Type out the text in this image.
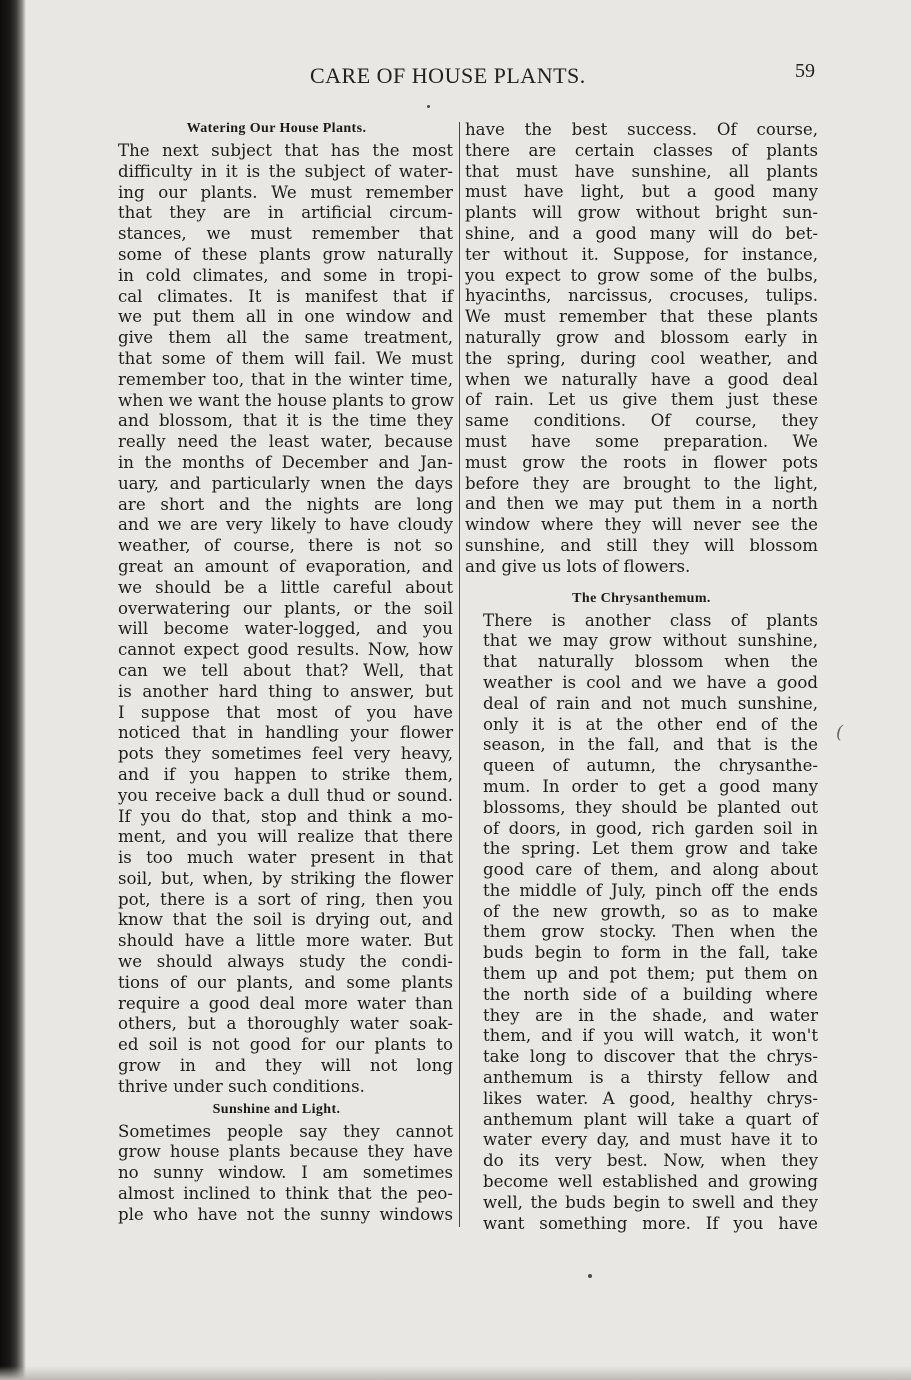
CARE OF HOUSE PLANTS.	59
Watering Our House Plants.
The next subject that has the most
difficulty in it is the subject of water-
ing our plants. We must remember
that they are in artificial circum-
stances, we must remember that
some of these plants grow naturally
in cold climates, and some in tropi-
cal climates. It is manifest that if
we put them all in one window and
give them all the same treatment,
that some of them will fail. We must
remember too, that in the winter time,
when we want the house plants to grow
and blossom, that it is the time they
really need the least water, because
in the months of December and Jan-
uary, and particularly wnen the days
are short and the nights are long
and we are very likely to have cloudy
weather, of course, there is not so
great an amount of evaporation, and
we should be a little careful about
overwatering our plants, or the soil
will become water-logged, and you
cannot expect good results. Now, how
can we tell about that? Well, that
is another hard thing to answer, but
I suppose that most of you have
noticed that in handling your flower
pots they sometimes feel very heavy,
and if you happen to strike them,
you receive back a dull thud or sound.
If you do that, stop and think a mo-
ment, and you will realize that there
is too much water present in that
soil, but, when, by striking the flower
pot, there is a sort of ring, then you
know that the soil is drying out, and
should have a little more water. But
we should always study the condi-
tions of our plants, and some plants
require a good deal more water than
others, but a thoroughly water soak-
ed soil is not good for our plants to
grow in and they will not long
thrive under such conditions.
Sunshine and Light.
Sometimes people say they cannot
grow house plants because they have
no sunny window. I am sometimes
almost inclined to think that the peo-
ple who have not the sunny windows
have the best success. Of course,
there are certain classes of plants
that must have sunshine, all plants
must have light, but a good many
plants will grow without bright sun-
shine, and a good many will do bet-
ter without it. Suppose, for instance,
you expect to grow some of the bulbs,
hyacinths, narcissus, crocuses, tulips.
We must remember that these plants
naturally grow and blossom early in
the spring, during cool weather, and
when we naturally have a good deal
of rain. Let us give them just these
same conditions. Of course, they
must have some preparation. We
must grow the roots in flower pots
before they are brought to the light,
and then we may put them in a north
window where they will never see the
sunshine, and still they will blossom
and give us lots of flowers.
The Chrysanthemum.
There is another class of plants
that we may grow without sunshine,
that naturally blossom when the
weather is cool and we have a good
deal of rain and not much sunshine,
only it is at the other end of the
season, in the fall, and that is the
queen of autumn, the chrysanthe-
mum. In order to get a good many
blossoms, they should be planted out
of doors, in good, rich garden soil in
the spring. Let them grow and take
good care of them, and along about
the middle of July, pinch off the ends
of the new growth, so as to make
them grow stocky. Then when the
buds begin to form in the fall, take
them up and pot them; put them on
the north side of a building where
they are in the shade, and water
them, and if you will watch, it won't
take long to discover that the chrys-
anthemum is a thirsty fellow and
likes water. A good, healthy chrys-
anthemum plant will take a quart of
water every day, and must have it to
do its very best. Now, when they
become well established and growing
well, the buds begin to swell and they
want something more. If you have
(
